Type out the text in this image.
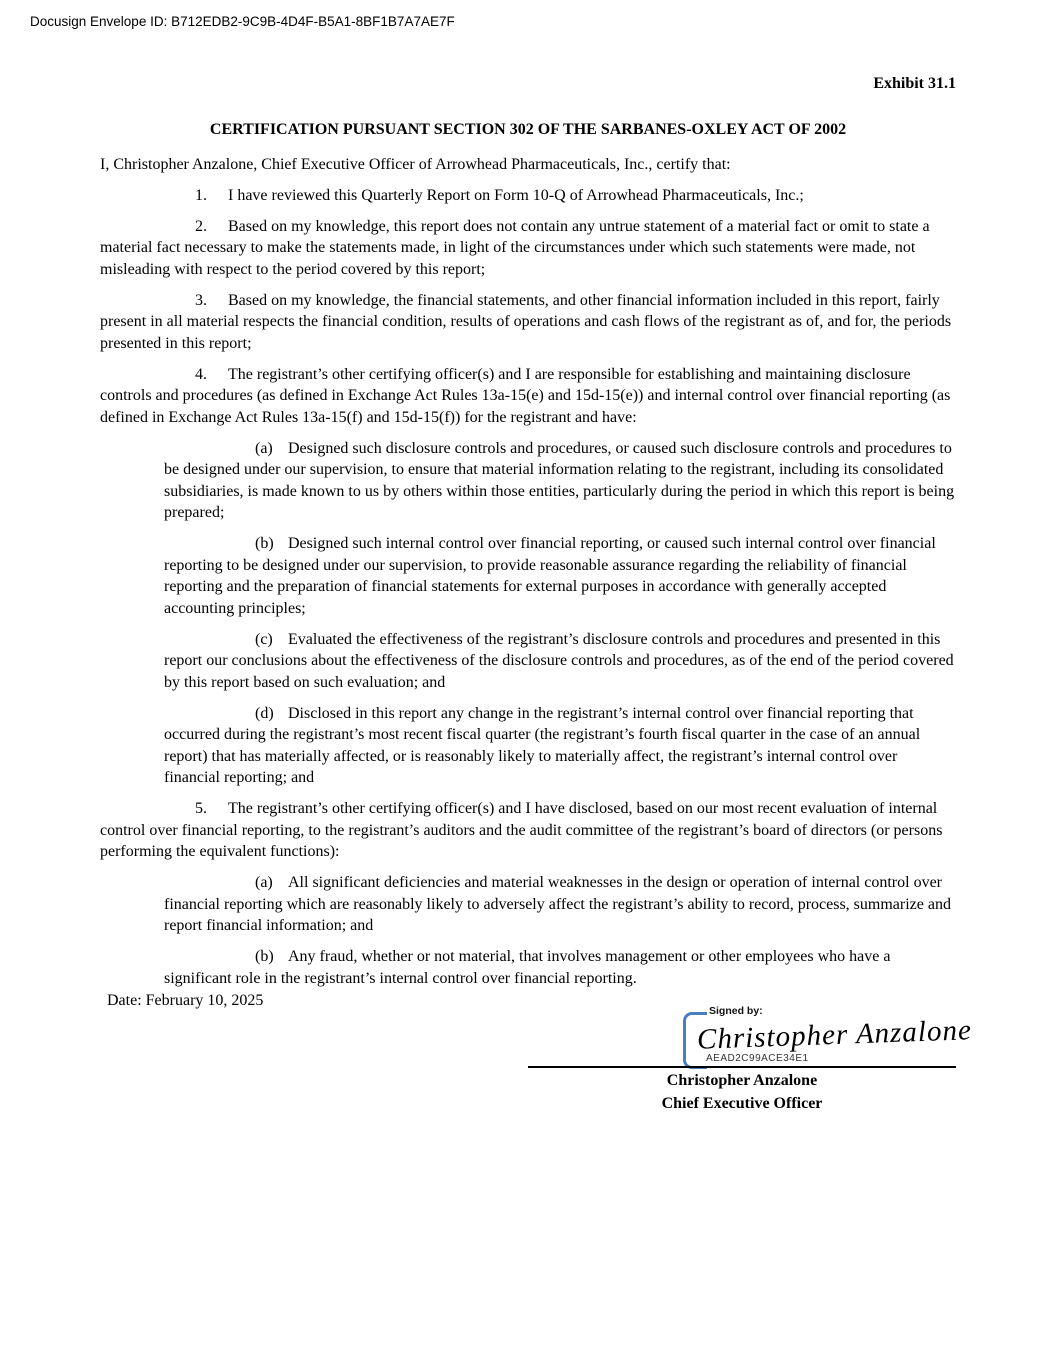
Docusign Envelope ID: B712EDB2-9C9B-4D4F-B5A1-8BF1B7A7AE7F
Exhibit 31.1
CERTIFICATION PURSUANT SECTION 302 OF THE SARBANES-OXLEY ACT OF 2002

I, Christopher Anzalone, Chief Executive Officer of Arrowhead Pharmaceuticals, Inc., certify that:

1. I have reviewed this Quarterly Report on Form 10-Q of Arrowhead Pharmaceuticals, Inc.;

2. Based on my knowledge, this report does not contain any untrue statement of a material fact or omit to state a material fact necessary to make the statements made, in light of the circumstances under which such statements were made, not misleading with respect to the period covered by this report;

3. Based on my knowledge, the financial statements, and other financial information included in this report, fairly present in all material respects the financial condition, results of operations and cash flows of the registrant as of, and for, the periods presented in this report;

4. The registrant’s other certifying officer(s) and I are responsible for establishing and maintaining disclosure controls and procedures (as defined in Exchange Act Rules 13a-15(e) and 15d-15(e)) and internal control over financial reporting (as defined in Exchange Act Rules 13a-15(f) and 15d-15(f)) for the registrant and have:

(a) Designed such disclosure controls and procedures, or caused such disclosure controls and procedures to be designed under our supervision, to ensure that material information relating to the registrant, including its consolidated subsidiaries, is made known to us by others within those entities, particularly during the period in which this report is being prepared;

(b) Designed such internal control over financial reporting, or caused such internal control over financial reporting to be designed under our supervision, to provide reasonable assurance regarding the reliability of financial reporting and the preparation of financial statements for external purposes in accordance with generally accepted accounting principles;

(c) Evaluated the effectiveness of the registrant’s disclosure controls and procedures and presented in this report our conclusions about the effectiveness of the disclosure controls and procedures, as of the end of the period covered by this report based on such evaluation; and

(d) Disclosed in this report any change in the registrant’s internal control over financial reporting that occurred during the registrant’s most recent fiscal quarter (the registrant’s fourth fiscal quarter in the case of an annual report) that has materially affected, or is reasonably likely to materially affect, the registrant’s internal control over financial reporting; and

5. The registrant’s other certifying officer(s) and I have disclosed, based on our most recent evaluation of internal control over financial reporting, to the registrant’s auditors and the audit committee of the registrant’s board of directors (or persons performing the equivalent functions):

(a) All significant deficiencies and material weaknesses in the design or operation of internal control over financial reporting which are reasonably likely to adversely affect the registrant’s ability to record, process, summarize and report financial information; and

(b) Any fraud, whether or not material, that involves management or other employees who have a significant role in the registrant’s internal control over financial reporting.

Date: February 10, 2025
Signed by:
Christopher Anzalone
AEAD2C99ACE34E1
Christopher Anzalone
Chief Executive Officer
